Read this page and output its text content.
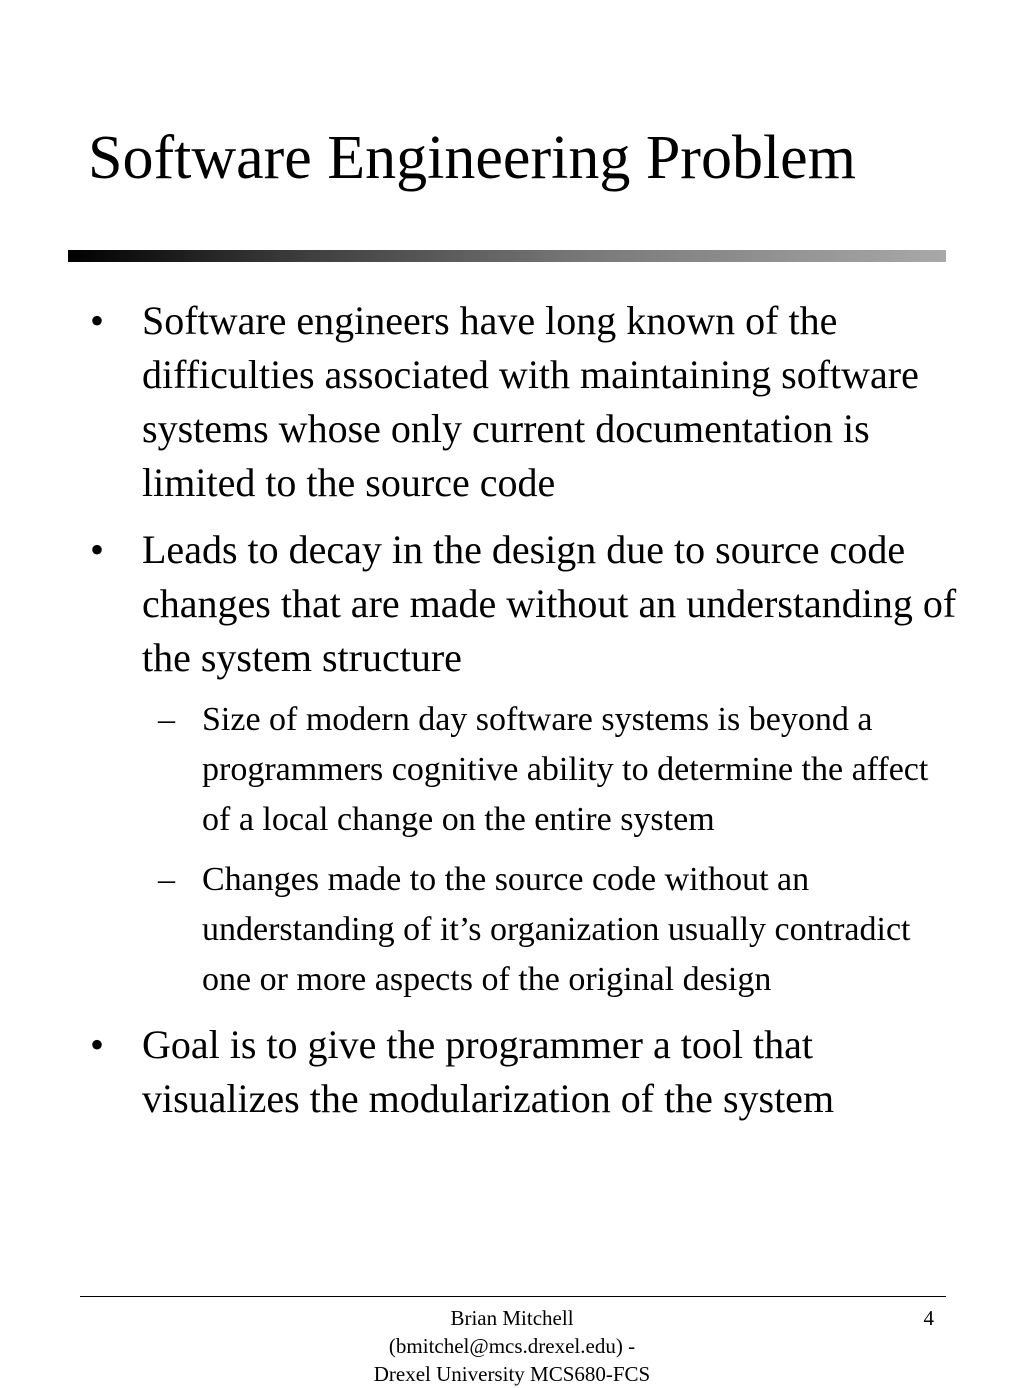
Software Engineering Problem
• Software engineers have long known of the difficulties associated with maintaining software systems whose only current documentation is limited to the source code
• Leads to decay in the design due to source code changes that are made without an understanding of the system structure
– Size of modern day software systems is beyond a programmers cognitive ability to determine the affect of a local change on the entire system
– Changes made to the source code without an understanding of it’s organization usually contradict one or more aspects of the original design
• Goal is to give the programmer a tool that visualizes the modularization of the system
Brian Mitchell
(bmitchel@mcs.drexel.edu) -
Drexel University MCS680-FCS
4
